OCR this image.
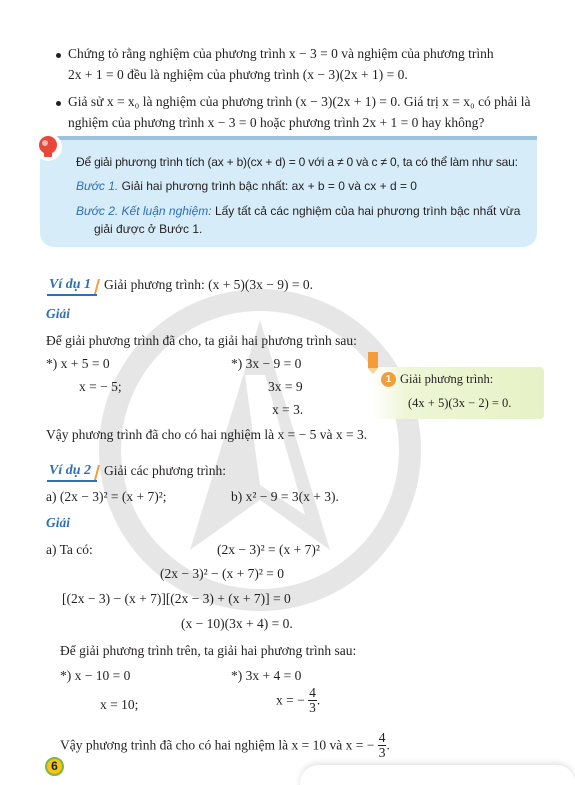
Chứng tỏ rằng nghiệm của phương trình x − 3 = 0 và nghiệm của phương trình
2x + 1 = 0 đều là nghiệm của phương trình (x − 3)(2x + 1) = 0.
Giả sử x = x₀ là nghiệm của phương trình (x − 3)(2x + 1) = 0. Giá trị x = x₀ có phải là
nghiệm của phương trình x − 3 = 0 hoặc phương trình 2x + 1 = 0 hay không?
Để giải phương trình tích (ax + b)(cx + d) = 0 với a ≠ 0 và c ≠ 0, ta có thể làm như sau:
Bước 1. Giải hai phương trình bậc nhất: ax + b = 0 và cx + d = 0
Bước 2. Kết luận nghiệm: Lấy tất cả các nghiệm của hai phương trình bậc nhất vừa
giải được ở Bước 1.
Ví dụ 1 Giải phương trình: (x + 5)(3x − 9) = 0.
Giải
Để giải phương trình đã cho, ta giải hai phương trình sau:
*) x + 5 = 0
x = − 5;
*) 3x − 9 = 0
3x = 9
x = 3.
Vậy phương trình đã cho có hai nghiệm là x = − 5 và x = 3.
1 Giải phương trình:
(4x + 5)(3x − 2) = 0.
Ví dụ 2 Giải các phương trình:
a) (2x − 3)² = (x + 7)²;	b) x² − 9 = 3(x + 3).
Giải
a) Ta có:	(2x − 3)² = (x + 7)²
(2x − 3)² − (x + 7)² = 0
[(2x − 3) − (x + 7)][(2x − 3) + (x + 7)] = 0
(x − 10)(3x + 4) = 0.
Để giải phương trình trên, ta giải hai phương trình sau:
*) x − 10 = 0
x = 10;
*) 3x + 4 = 0
x = − $\frac{4}{3}$ .
Vậy phương trình đã cho có hai nghiệm là x = 10 và x = − $\frac{4}{3}$ .
6
